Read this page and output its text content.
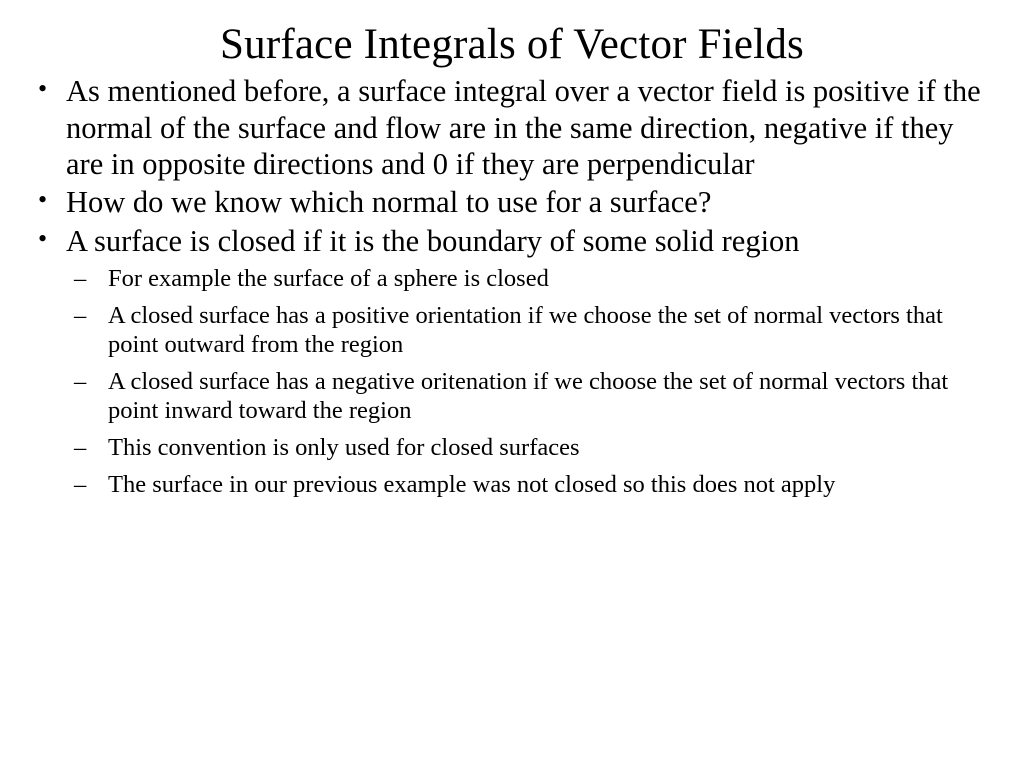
Surface Integrals of Vector Fields
• As mentioned before, a surface integral over a vector field is positive if the normal of the surface and flow are in the same direction, negative if they are in opposite directions and 0 if they are perpendicular
• How do we know which normal to use for a surface?
• A surface is closed if it is the boundary of some solid region
– For example the surface of a sphere is closed
– A closed surface has a positive orientation if we choose the set of normal vectors that point outward from the region
– A closed surface has a negative oritenation if we choose the set of normal vectors that point inward toward the region
– This convention is only used for closed surfaces
– The surface in our previous example was not closed so this does not apply
